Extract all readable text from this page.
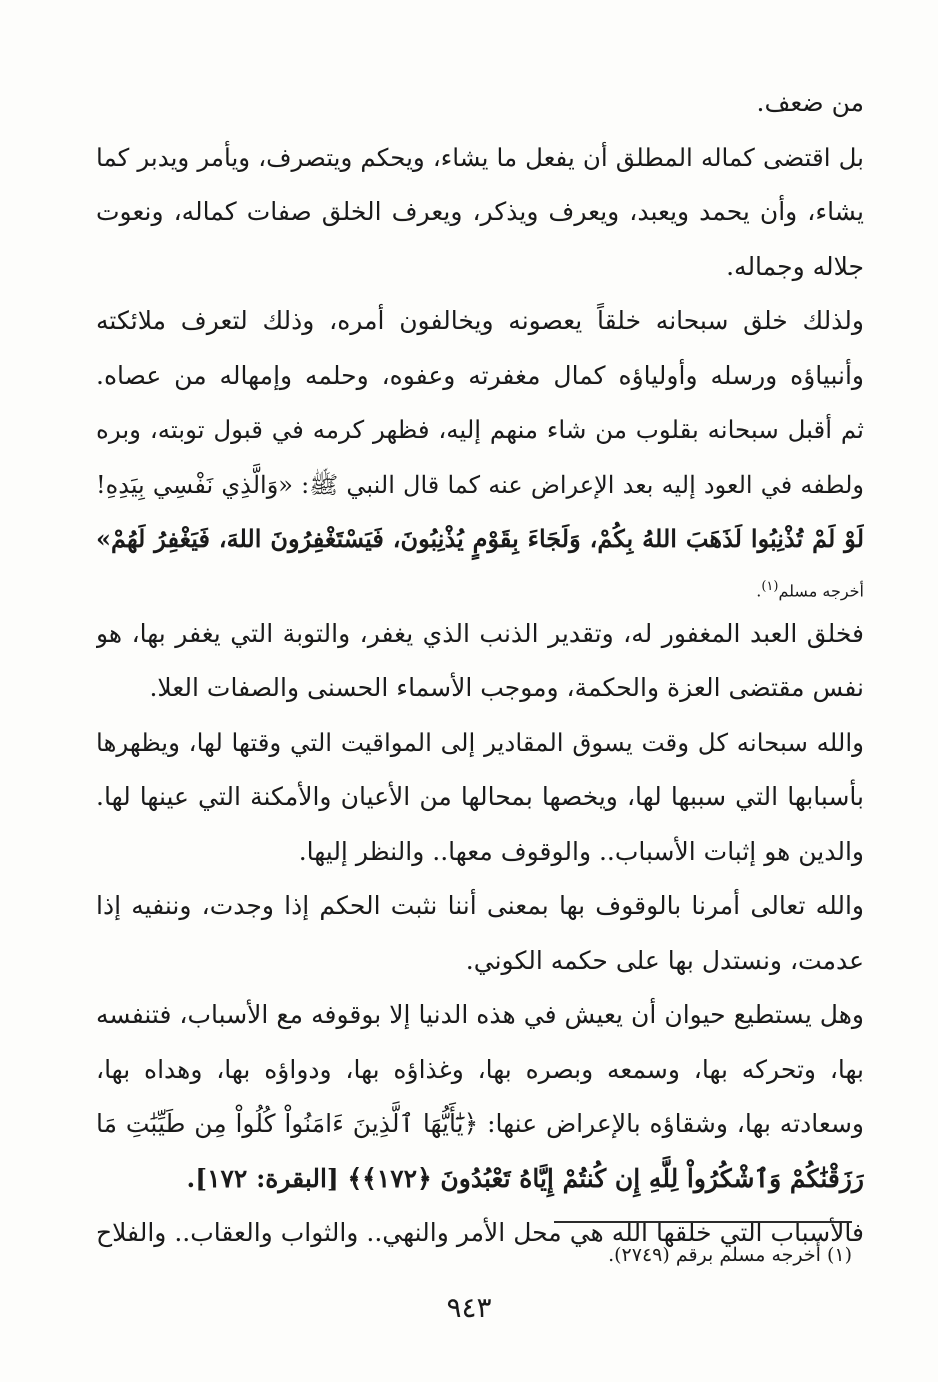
من ضعف.
بل اقتضى كماله المطلق أن يفعل ما يشاء، ويحكم ويتصرف، ويأمر ويدبر كما
يشاء، وأن يحمد ويعبد، ويعرف ويذكر، ويعرف الخلق صفات كماله، ونعوت
جلاله وجماله.
ولذلك خلق سبحانه خلقاً يعصونه ويخالفون أمره، وذلك لتعرف ملائكته
وأنبياؤه ورسله وأولياؤه كمال مغفرته وعفوه، وحلمه وإمهاله من عصاه.
ثم أقبل سبحانه بقلوب من شاء منهم إليه، فظهر كرمه في قبول توبته، وبره
ولطفه في العود إليه بعد الإعراض عنه كما قال النبي ﷺ: «وَالَّذِي نَفْسِي بِيَدِهِ!
لَوْ لَمْ تُذْنِبُوا لَذَهَبَ اللهُ بِكُمْ، وَلَجَاءَ بِقَوْمٍ يُذْنِبُونَ، فَيَسْتَغْفِرُونَ اللهَ، فَيَغْفِرُ لَهُمْ»
أخرجه مسلم$^{(١)}$.
فخلق العبد المغفور له، وتقدير الذنب الذي يغفر، والتوبة التي يغفر بها، هو
نفس مقتضى العزة والحكمة، وموجب الأسماء الحسنى والصفات العلا.
والله سبحانه كل وقت يسوق المقادير إلى المواقيت التي وقتها لها، ويظهرها
بأسبابها التي سببها لها، ويخصها بمحالها من الأعيان والأمكنة التي عينها لها.
والدين هو إثبات الأسباب.. والوقوف معها.. والنظر إليها.
والله تعالى أمرنا بالوقوف بها بمعنى أننا نثبت الحكم إذا وجدت، وننفيه إذا
عدمت، ونستدل بها على حكمه الكوني.
وهل يستطيع حيوان أن يعيش في هذه الدنيا إلا بوقوفه مع الأسباب، فتنفسه
بها، وتحركه بها، وسمعه وبصره بها، وغذاؤه بها، ودواؤه بها، وهداه بها،
وسعادته بها، وشقاؤه بالإعراض عنها: ﴿يَٰٓأَيُّهَا ٱلَّذِينَ ءَامَنُواْ كُلُواْ مِن طَيِّبَٰتِ مَا
رَزَقْنَٰكُمْ وَٱشْكُرُواْ لِلَّهِ إِن كُنتُمْ إِيَّاهُ تَعْبُدُونَ ﴿١٧٢﴾﴾ [البقرة: ١٧٢].
فالأسباب التي خلقها الله هي محل الأمر والنهي.. والثواب والعقاب.. والفلاح
(١) أخرجه مسلم برقم (٢٧٤٩).
٩٤٣
